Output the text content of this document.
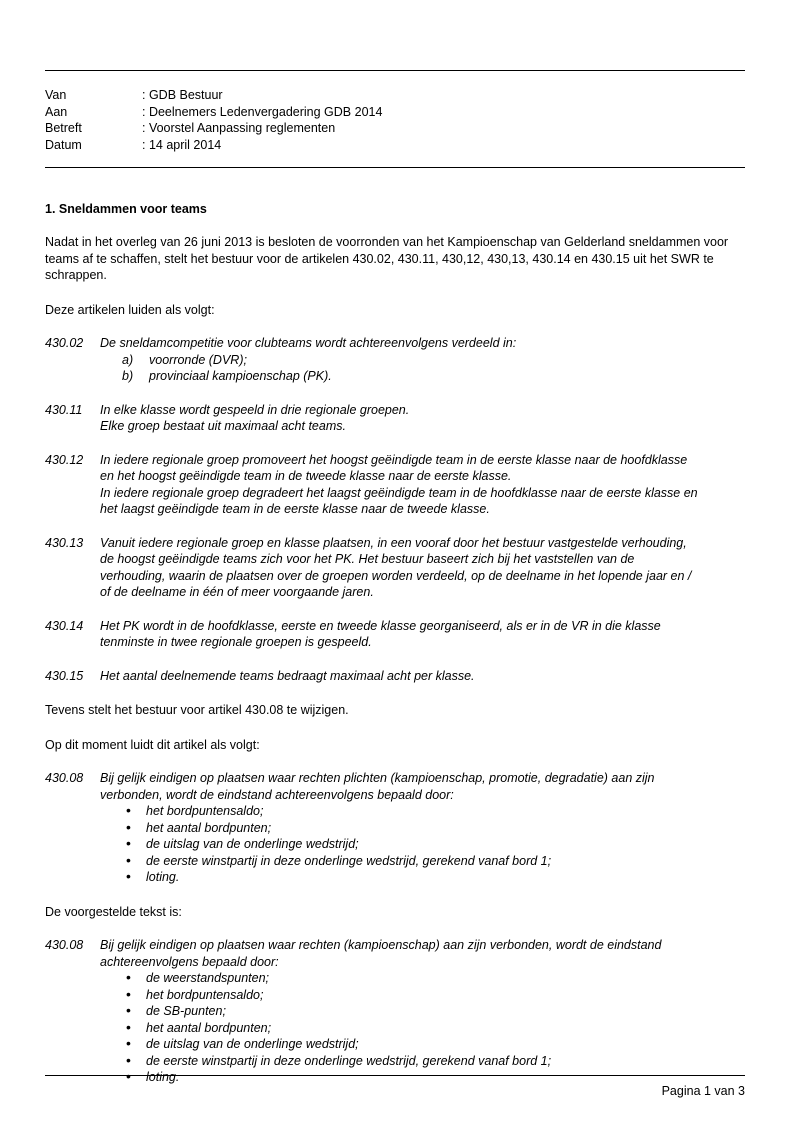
Van	: GDB Bestuur
Aan	: Deelnemers Ledenvergadering GDB 2014
Betreft	: Voorstel Aanpassing reglementen
Datum	: 14 april 2014
1. Sneldammen voor teams

Nadat in het overleg van 26 juni 2013 is besloten de voorronden van het Kampioenschap van Gelderland sneldammen voor teams af te schaffen, stelt het bestuur voor de artikelen 430.02, 430.11, 430,12, 430,13, 430.14 en 430.15 uit het SWR te schrappen.

Deze artikelen luiden als volgt:

430.02	De sneldamcompetitie voor clubteams wordt achtereenvolgens verdeeld in:
a)	voorronde (DVR);
b)	provinciaal kampioenschap (PK).
430.11	In elke klasse wordt gespeeld in drie regionale groepen.
Elke groep bestaat uit maximaal acht teams.
430.12	In iedere regionale groep promoveert het hoogst geëindigde team in de eerste klasse naar de hoofdklasse
en het hoogst geëindigde team in de tweede klasse naar de eerste klasse.
In iedere regionale groep degradeert het laagst geëindigde team in de hoofdklasse naar de eerste klasse en
het laagst geëindigde team in de eerste klasse naar de tweede klasse.
430.13	Vanuit iedere regionale groep en klasse plaatsen, in een vooraf door het bestuur vastgestelde verhouding,
de hoogst geëindigde teams zich voor het PK. Het bestuur baseert zich bij het vaststellen van de
verhouding, waarin de plaatsen over de groepen worden verdeeld, op de deelname in het lopende jaar en /
of de deelname in één of meer voorgaande jaren.
430.14	Het PK wordt in de hoofdklasse, eerste en tweede klasse georganiseerd, als er in de VR in die klasse
tenminste in twee regionale groepen is gespeeld.
430.15	Het aantal deelnemende teams bedraagt maximaal acht per klasse.

Tevens stelt het bestuur voor artikel 430.08 te wijzigen.

Op dit moment luidt dit artikel als volgt:

430.08	Bij gelijk eindigen op plaatsen waar rechten plichten (kampioenschap, promotie, degradatie) aan zijn
verbonden, wordt de eindstand achtereenvolgens bepaald door:
• het bordpuntensaldo;
• het aantal bordpunten;
• de uitslag van de onderlinge wedstrijd;
• de eerste winstpartij in deze onderlinge wedstrijd, gerekend vanaf bord 1;
• loting.

De voorgestelde tekst is:

430.08	Bij gelijk eindigen op plaatsen waar rechten (kampioenschap) aan zijn verbonden, wordt de eindstand
achtereenvolgens bepaald door:
• de weerstandspunten;
• het bordpuntensaldo;
• de SB-punten;
• het aantal bordpunten;
• de uitslag van de onderlinge wedstrijd;
• de eerste winstpartij in deze onderlinge wedstrijd, gerekend vanaf bord 1;
• loting.
Pagina 1 van 3
